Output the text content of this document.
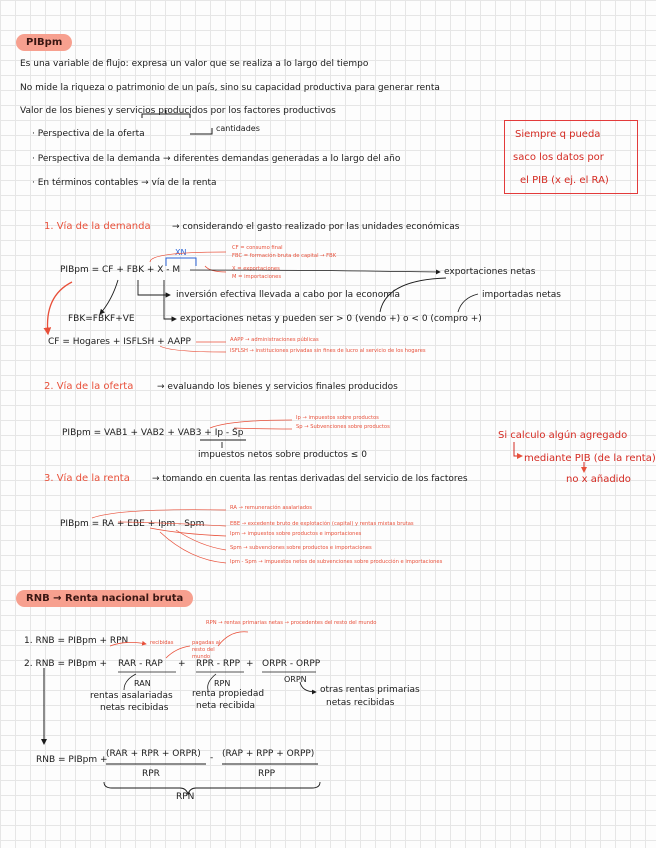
PIBpm
Es una variable de flujo: expresa un valor que se realiza a lo largo del tiempo
No mide la riqueza o patrimonio de un país, sino su capacidad productiva para generar renta
Valor de los bienes y servicios producidos por los factores productivos
· Perspectiva de la oferta
cantidades
· Perspectiva de la demanda → diferentes demandas generadas a lo largo del año
· En términos contables → vía de la renta
Siempre q pueda
saco los datos por
el PIB (x ej. el RA)
1. Vía de la demanda → considerando el gasto realizado por las unidades económicas
XN	CF = consumo final
FBC = formación bruta de capital → FBK
X = exportaciones
M = importaciones
PIBpm = CF + FBK + X - M	exportaciones netas
importadas netas
inversión efectiva llevada a cabo por la economía
exportaciones netas y pueden ser > 0 (vendo +) o < 0 (compro +)
FBK=FBKF+VE
CF = Hogares + ISFLSH + AAPP	AAPP → administraciones públicas
ISFLSH → instituciones privadas sin fines de lucro al servicio de los hogares
2. Vía de la oferta	→ evaluando los bienes y servicios finales producidos
Ip → impuestos sobre productos
Sp → Subvenciones sobre productos
PIBpm = VAB1 + VAB2 + VAB3 + Ip - Sp
impuestos netos sobre productos ≤ 0
Si calculo algún agregado
mediante PIB (de la renta)
no x añadido
3. Vía de la renta → tomando en cuenta las rentas derivadas del servicio de los factores
PIBpm = RA + EBE + Ipm - Spm
RA → remuneración asalariados
EBE → excedente bruto de explotación (capital) y rentas mixtas brutas
Ipm → impuestos sobre productos e importaciones
Spm → subvenciones sobre productos e importaciones
Ipm - Spm → impuestos netos de subvenciones sobre producción e importaciones
RNB → Renta nacional bruta
RPN → rentas primarias netas → procedentes del resto del mundo
1. RNB = PIBpm + RPN	recibidas	pagadas al resto del mundo
2. RNB = PIBpm + RAR - RAP + RPR - RPP + ORPR - ORPP
RAN	RPN	ORPN
rentas asalariadas
netas recibidas
renta propiedad
neta recibida
otras rentas primarias
netas recibidas
RNB = PIBpm +
(RAR + RPR + ORPR) - (RAP + RPP + ORPP)
RPR	RPP
RPN
